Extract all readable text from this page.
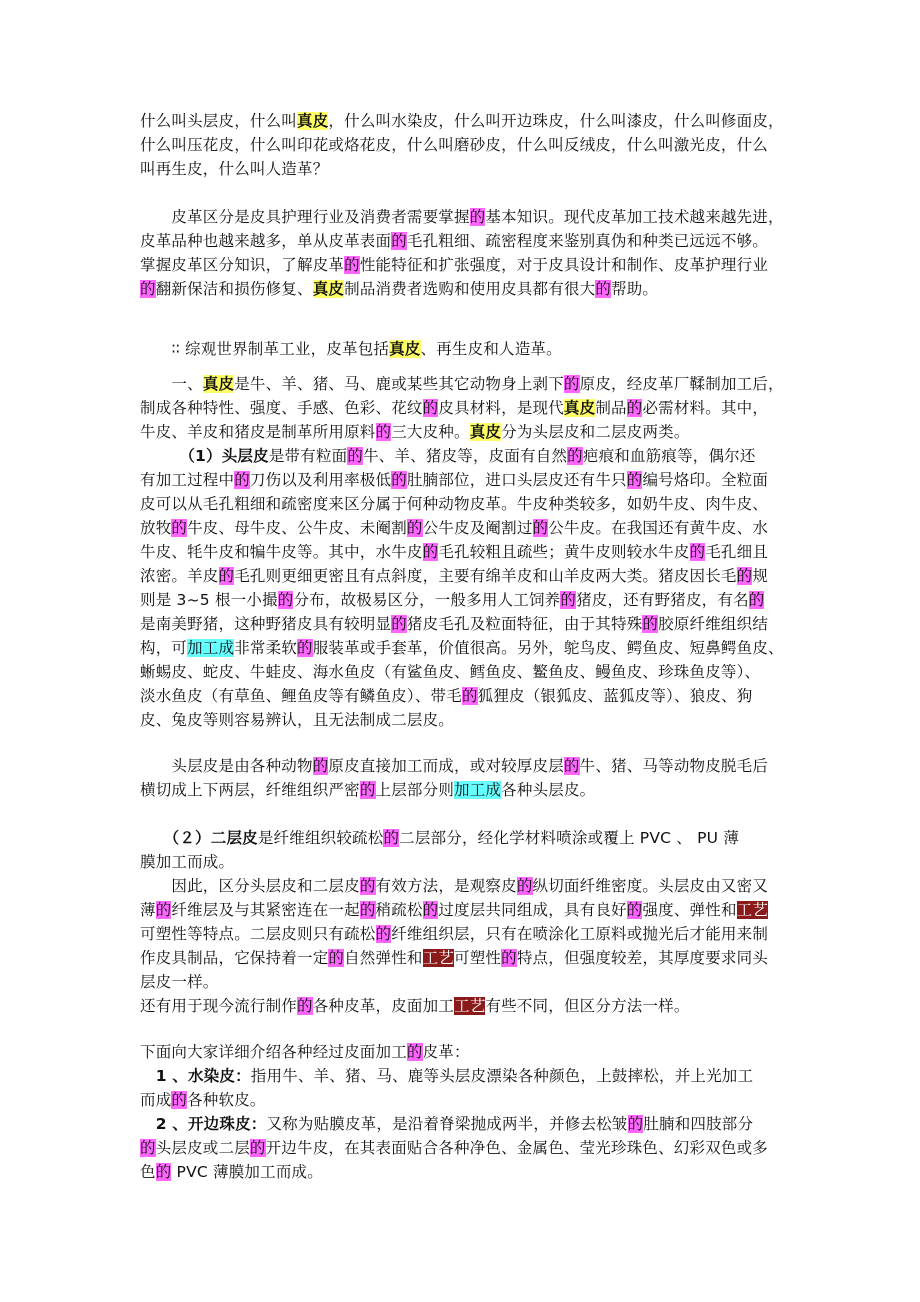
什么叫头层皮，什么叫真皮，什么叫水染皮，什么叫开边珠皮，什么叫漆皮，什么叫修面皮，
什么叫压花皮，什么叫印花或烙花皮，什么叫磨砂皮，什么叫反绒皮，什么叫激光皮，什么
叫再生皮，什么叫人造革？
　　皮革区分是皮具护理行业及消费者需要掌握的基本知识。现代皮革加工技术越来越先进，
皮革品种也越来越多，单从皮革表面的毛孔粗细、疏密程度来鉴别真伪和种类已远远不够。
掌握皮革区分知识，了解皮革的性能特征和扩张强度，对于皮具设计和制作、皮革护理行业
的翻新保洁和损伤修复、真皮制品消费者选购和使用皮具都有很大的帮助。
　　∶∶ 综观世界制革工业，皮革包括真皮、再生皮和人造革。
　　一、真皮是牛、羊、猪、马、鹿或某些其它动物身上剥下的原皮，经皮革厂鞣制加工后，
制成各种特性、强度、手感、色彩、花纹的皮具材料，是现代真皮制品的必需材料。其中，
牛皮、羊皮和猪皮是制革所用原料的三大皮种。真皮分为头层皮和二层皮两类。
　　　（1）头层皮是带有粒面的牛、羊、猪皮等，皮面有自然的疤痕和血筋痕等，偶尔还
有加工过程中的刀伤以及利用率极低的肚腩部位，进口头层皮还有牛只的编号烙印。全粒面
皮可以从毛孔粗细和疏密度来区分属于何种动物皮革。牛皮种类较多，如奶牛皮、肉牛皮、
放牧的牛皮、母牛皮、公牛皮、未阉割的公牛皮及阉割过的公牛皮。在我国还有黄牛皮、水
牛皮、牦牛皮和犏牛皮等。其中，水牛皮的毛孔较粗且疏些；黄牛皮则较水牛皮的毛孔细且
浓密。羊皮的毛孔则更细更密且有点斜度，主要有绵羊皮和山羊皮两大类。猪皮因长毛的规
则是 3~5 根一小撮的分布，故极易区分，一般多用人工饲养的猪皮，还有野猪皮，有名的
是南美野猪，这种野猪皮具有较明显的猪皮毛孔及粒面特征，由于其特殊的胶原纤维组织结
构，可加工成非常柔软的服装革或手套革，价值很高。另外，鸵鸟皮、鳄鱼皮、短鼻鳄鱼皮、
蜥蜴皮、蛇皮、牛蛙皮、海水鱼皮（有鲨鱼皮、鳕鱼皮、鳘鱼皮、鳗鱼皮、珍珠鱼皮等）、
淡水鱼皮（有草鱼、鲤鱼皮等有鳞鱼皮）、带毛的狐狸皮（银狐皮、蓝狐皮等）、狼皮、狗
皮、兔皮等则容易辨认，且无法制成二层皮。
　　头层皮是由各种动物的原皮直接加工而成，或对较厚皮层的牛、猪、马等动物皮脱毛后
横切成上下两层，纤维组织严密的上层部分则加工成各种头层皮。
　　（２）二层皮是纤维组织较疏松的二层部分，经化学材料喷涂或覆上 PVC 、 PU 薄
膜加工而成。
　　因此，区分头层皮和二层皮的有效方法，是观察皮的纵切面纤维密度。头层皮由又密又
薄的纤维层及与其紧密连在一起的稍疏松的过度层共同组成，具有良好的强度、弹性和工艺
可塑性等特点。二层皮则只有疏松的纤维组织层，只有在喷涂化工原料或抛光后才能用来制
作皮具制品，它保持着一定的自然弹性和工艺可塑性的特点，但强度较差，其厚度要求同头
层皮一样。
还有用于现今流行制作的各种皮革，皮面加工工艺有些不同，但区分方法一样。
下面向大家详细介绍各种经过皮面加工的皮革：
　1 、水染皮：指用牛、羊、猪、马、鹿等头层皮漂染各种颜色，上鼓摔松，并上光加工
而成的各种软皮。
　2 、开边珠皮：又称为贴膜皮革，是沿着脊梁抛成两半，并修去松皱的肚腩和四肢部分
的头层皮或二层的开边牛皮，在其表面贴合各种净色、金属色、莹光珍珠色、幻彩双色或多
色的 PVC 薄膜加工而成。
